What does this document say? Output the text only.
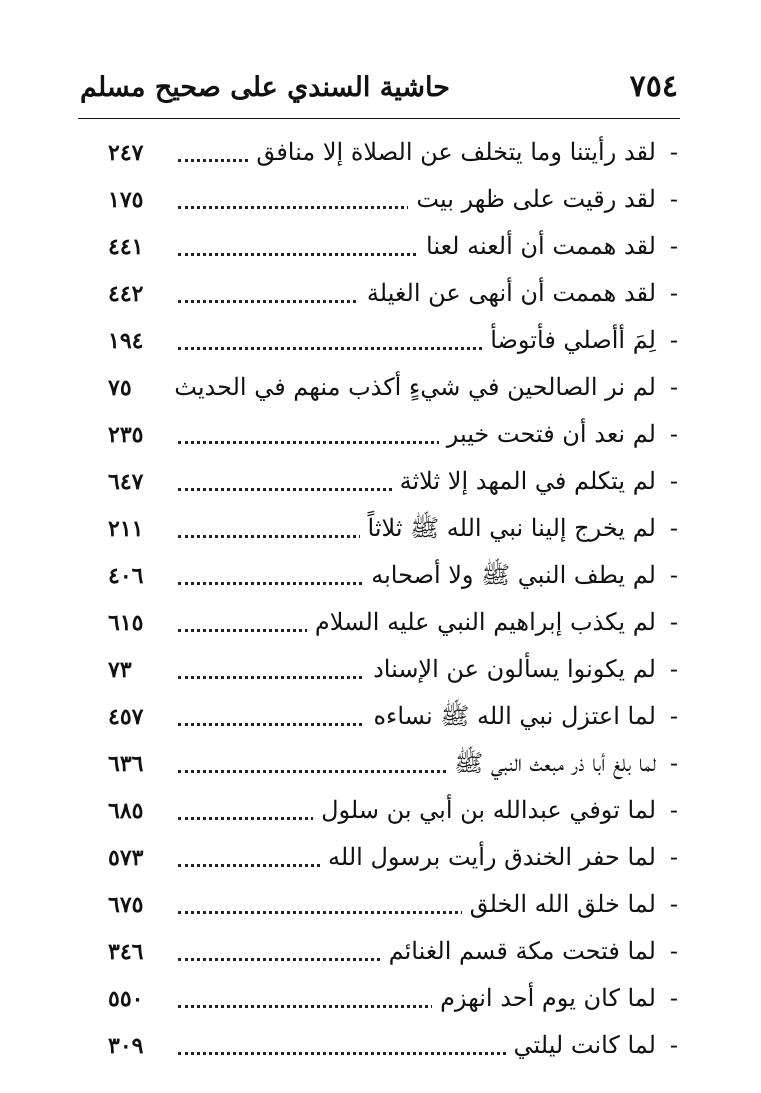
٧٥٤
حاشية السندي على صحيح مسلم
-
لقد رأيتنا وما يتخلف عن الصلاة إلا منافق
٢٤٧
-
لقد رقيت على ظهر بيت
١٧٥
-
لقد هممت أن ألعنه لعنا
٤٤١
-
لقد هممت أن أنهى عن الغيلة
٤٤٢
-
لِمَ أأصلي فأتوضأ
١٩٤
-
لم نر الصالحين في شيءٍ أكذب منهم في الحديث
٧٥
-
لم نعد أن فتحت خيبر
٢٣٥
-
لم يتكلم في المهد إلا ثلاثة
٦٤٧
-
لم يخرج إلينا نبي الله ﷺ ثلاثاً
٢١١
-
لم يطف النبي ﷺ ولا أصحابه
٤٠٦
-
لم يكذب إبراهيم النبي عليه السلام
٦١٥
-
لم يكونوا يسألون عن الإسناد
٧٣
-
لما اعتزل نبي الله ﷺ نساءه
٤٥٧
-
لما بلغ أبا ذر مبعث النبي ﷺ
٦٣٦
-
لما توفي عبدالله بن أبي بن سلول
٦٨٥
-
لما حفر الخندق رأيت برسول الله
٥٧٣
-
لما خلق الله الخلق
٦٧٥
-
لما فتحت مكة قسم الغنائم
٣٤٦
-
لما كان يوم أحد انهزم
٥٥٠
-
لما كانت ليلتي
٣٠٩
